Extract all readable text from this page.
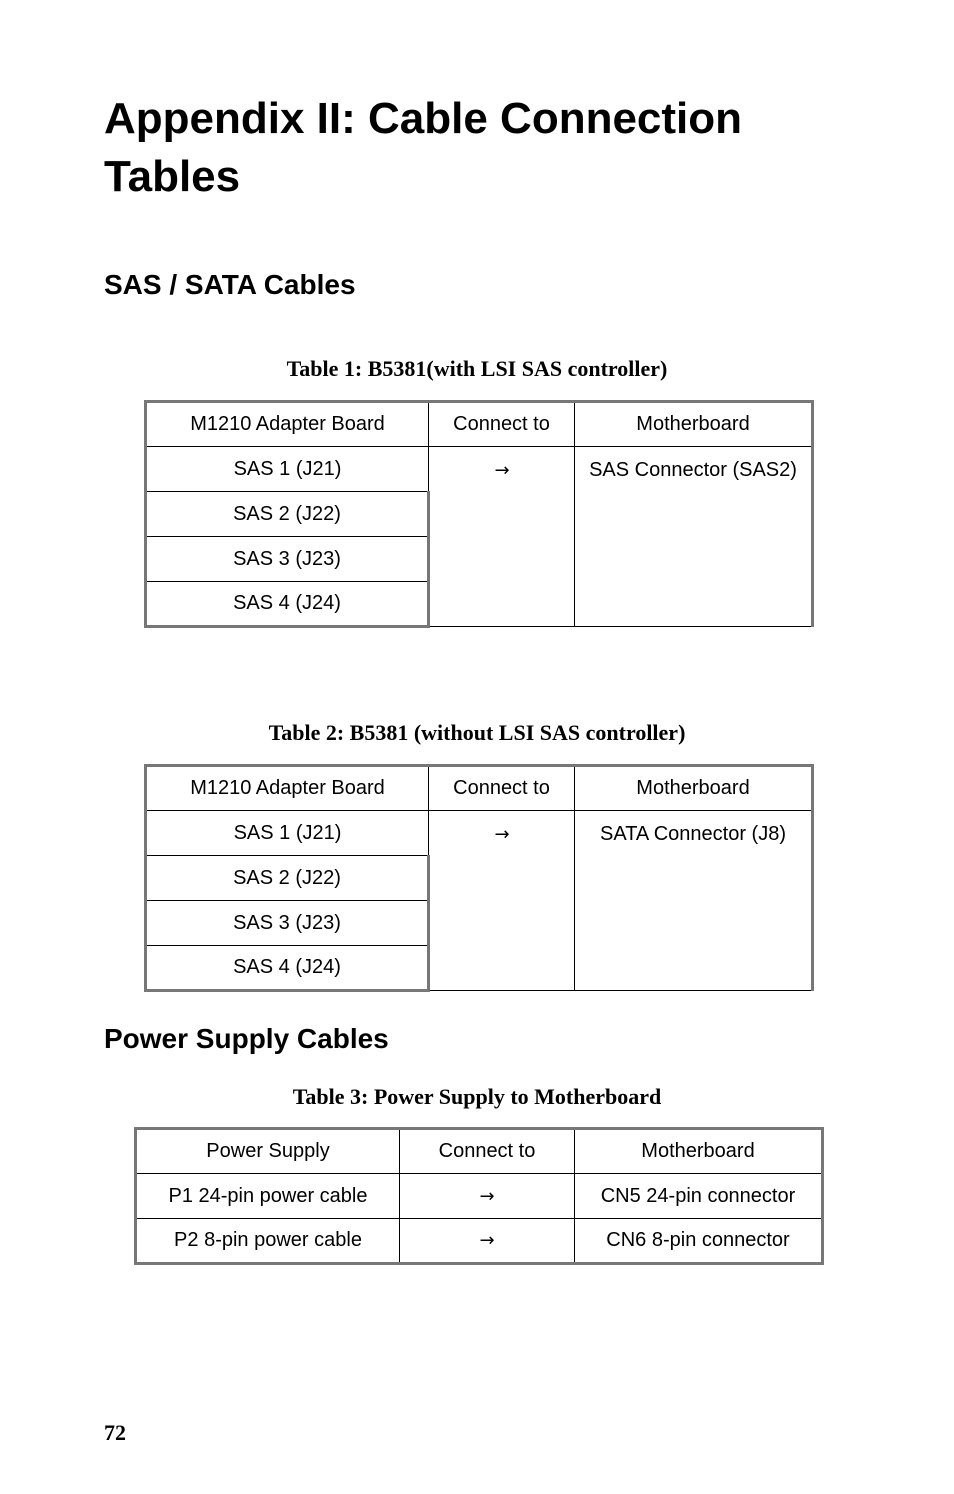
Appendix II: Cable Connection Tables
SAS / SATA Cables
Table 1: B5381(with LSI SAS controller)
M1210 Adapter Board	Connect to	Motherboard
SAS 1 (J21)	→	SAS Connector (SAS2)
SAS 2 (J22)		
SAS 3 (J23)		
SAS 4 (J24)		
Table 2: B5381 (without LSI SAS controller)
M1210 Adapter Board	Connect to	Motherboard
SAS 1 (J21)	→	SATA Connector (J8)
SAS 2 (J22)		
SAS 3 (J23)		
SAS 4 (J24)		
Power Supply Cables
Table 3: Power Supply to Motherboard
Power Supply	Connect to	Motherboard
P1 24-pin power cable	→	CN5 24-pin connector
P2 8-pin power cable	→	CN6 8-pin connector
72
